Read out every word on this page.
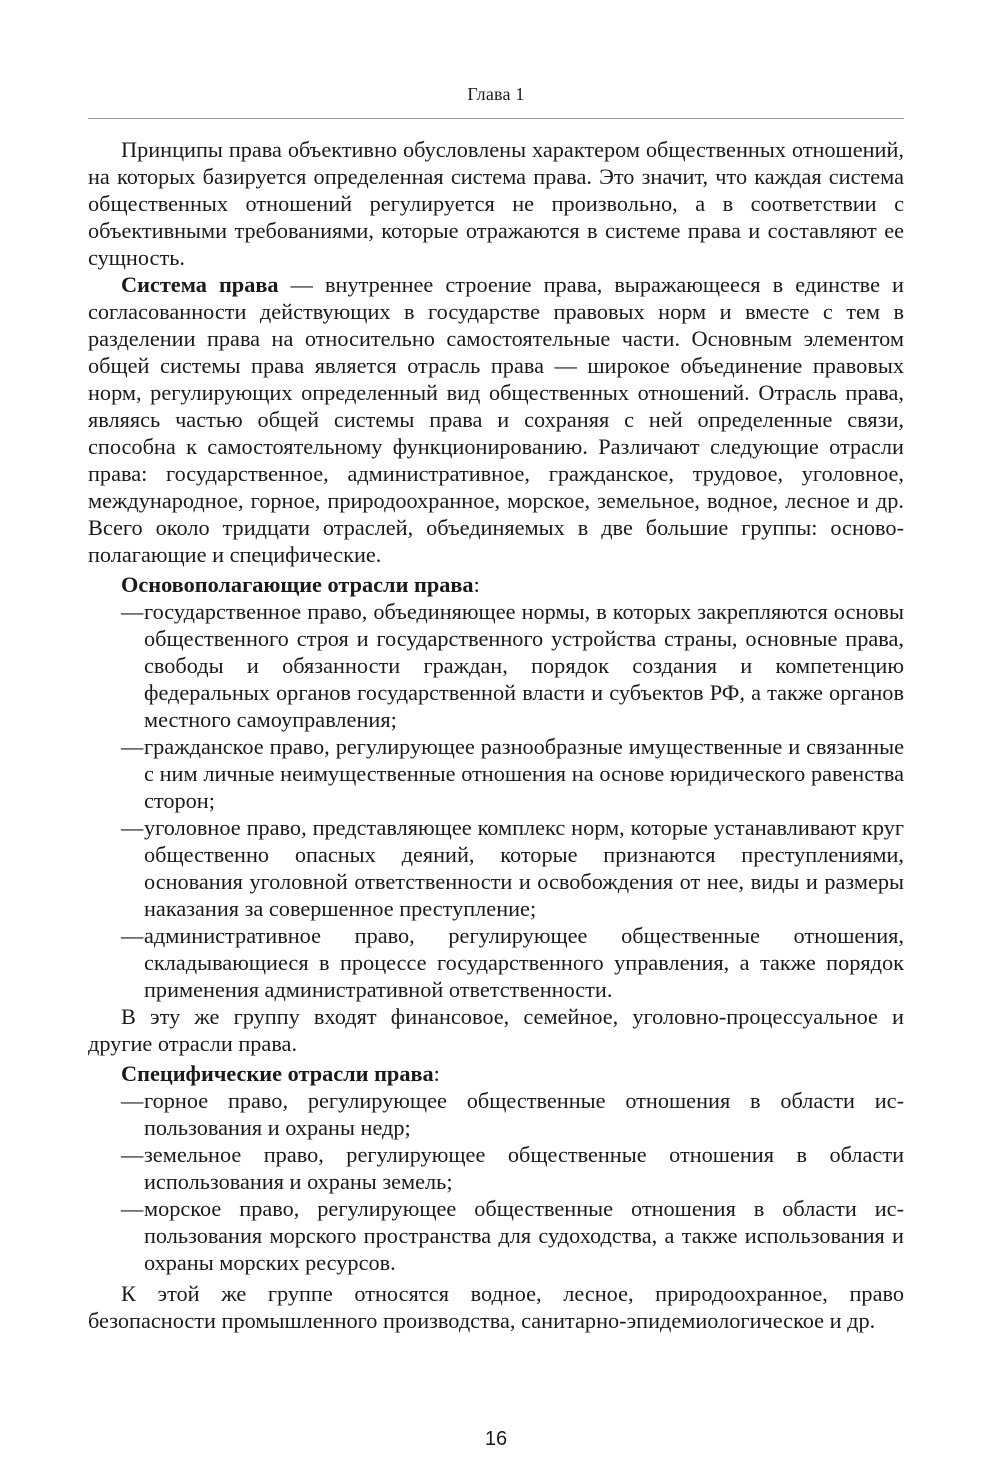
Глава 1

Принципы права объективно обусловлены характером общественных отношений, на которых базируется определенная система права. Это значит, что каждая система общественных отношений регулируется не произвольно, а в соответствии с объективными требованиями, которые отражаются в системе права и составляют ее сущность.

Система права — внутреннее строение права, выражающееся в единстве и согласованности действующих в государстве правовых норм и вместе с тем в разделении права на относительно самостоятельные части. Основным элементом общей системы права является отрасль права — широкое объединение правовых норм, регулирующих определенный вид общественных отношений. Отрасль права, являясь частью общей системы права и сохраняя с ней определенные связи, способна к самостоятельному функционированию. Различают следующие отрасли права: государственное, административное, гражданское, трудовое, уголовное, международное, горное, природоохранное, морское, земельное, водное, лесное и др. Всего около тридцати отраслей, объединяемых в две большие группы: основополагающие и специфические.

Основополагающие отрасли права:

— государственное право, объединяющее нормы, в которых закрепляются основы общественного строя и государственного устройства страны, основные права, свободы и обязанности граждан, порядок создания и компетенцию федеральных органов государственной власти и субъектов РФ, а также органов местного самоуправления;
— гражданское право, регулирующее разнообразные имущественные и связанные с ним личные неимущественные отношения на основе юридического равенства сторон;
— уголовное право, представляющее комплекс норм, которые устанавливают круг общественно опасных деяний, которые признаются преступлениями, основания уголовной ответственности и освобождения от нее, виды и размеры наказания за совершенное преступление;
— административное право, регулирующее общественные отношения, складывающиеся в процессе государственного управления, а также порядок применения административной ответственности.

В эту же группу входят финансовое, семейное, уголовно-процессуальное и другие отрасли права.

Специфические отрасли права:

— горное право, регулирующее общественные отношения в области использования и охраны недр;
— земельное право, регулирующее общественные отношения в области использования и охраны земель;
— морское право, регулирующее общественные отношения в области использования морского пространства для судоходства, а также использования и охраны морских ресурсов.

К этой же группе относятся водное, лесное, природоохранное, право безопасности промышленного производства, санитарно-эпидемиологическое и др.

16
